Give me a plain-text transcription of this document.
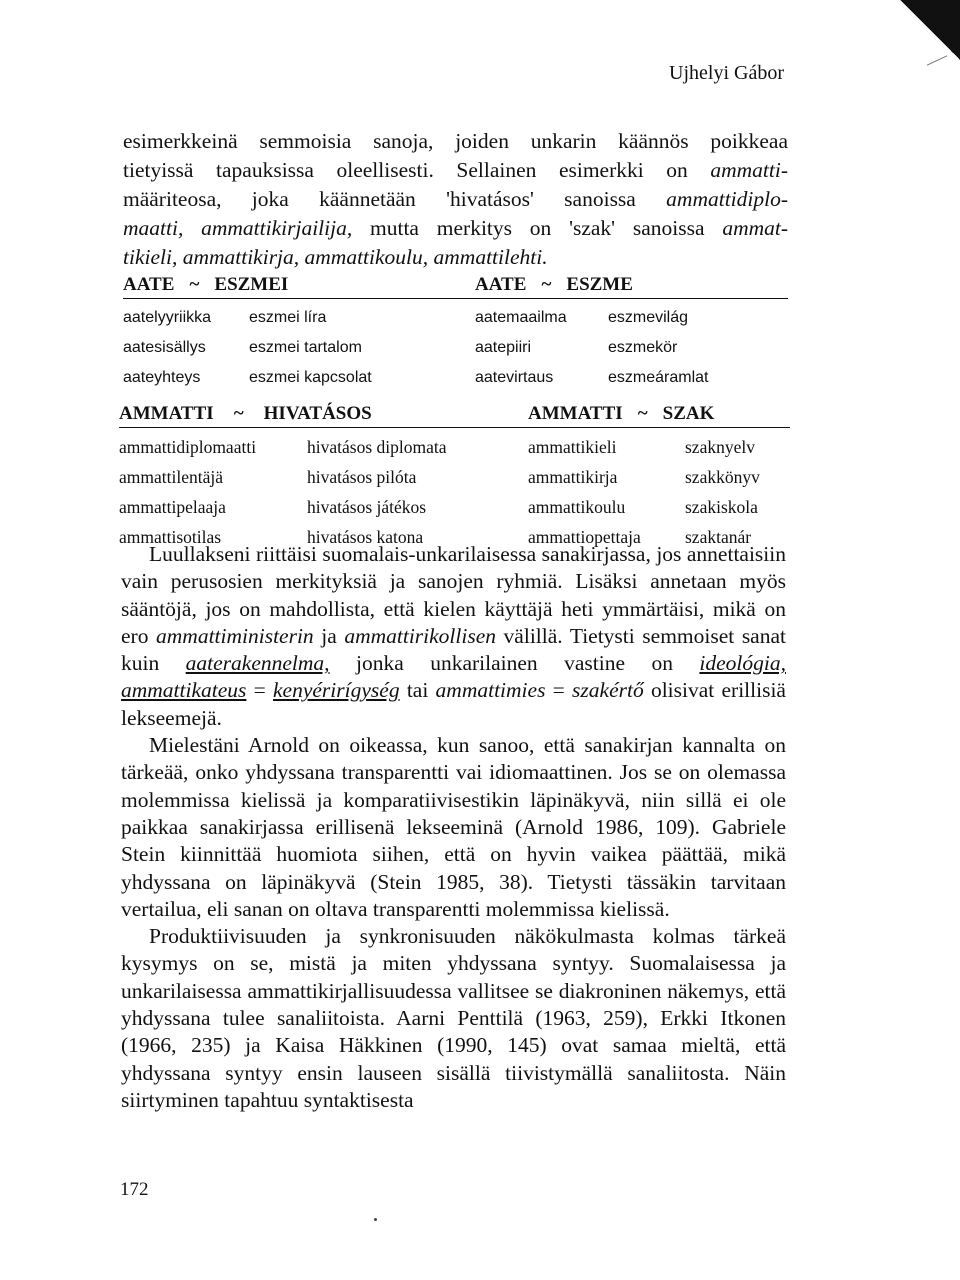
Ujhelyi Gábor

esimerkkeinä semmoisia sanoja, joiden unkarin käännös poikkeaa
tietyissä tapauksissa oleellisesti. Sellainen esimerkki on ammatti-
määriteosa, joka käännetään 'hivatásos' sanoissa ammattidiplo-
maatti, ammattikirjailija, mutta merkitys on 'szak' sanoissa ammat-
tikieli, ammattikirja, ammattikoulu, ammattilehti.

AATE ~ ESZMEI		AATE ~ ESZME	
aatelyyriikka	eszmei líra	aatemaailma	eszmevilág
aatesisällys	eszmei tartalom	aatepiiri	eszmekör
aateyhteys	eszmei kapcsolat	aatevirtaus	eszmeáramlat
AMMATTI ~ HIVATÁSOS		AMMATTI ~ SZAK	
ammattidiplomaatti	hivatásos diplomata	ammattikieli	szaknyelv
ammattilentäjä	hivatásos pilóta	ammattikirja	szakkönyv
ammattipelaaja	hivatásos játékos	ammattikoulu	szakiskola
ammattisotilas	hivatásos katona	ammattiopettaja	szaktanár

Luullakseni riittäisi suomalais-unkarilaisessa sanakirjassa, jos annettaisiin vain perusosien merkityksiä ja sanojen ryhmiä. Lisäksi annetaan myös sääntöjä, jos on mahdollista, että kielen käyttäjä heti ymmärtäisi, mikä on ero ammattiministerin ja ammattirikollisen välillä. Tietysti semmoiset sanat kuin aaterakennelma, jonka unkarilainen vastine on ideológia, ammattikateus = kenyérirígység tai ammattimies = szakértő olisivat erillisiä lekseemejä.

Mielestäni Arnold on oikeassa, kun sanoo, että sanakirjan kannalta on tärkeää, onko yhdyssana transparentti vai idiomaattinen. Jos se on olemassa molemmissa kielissä ja komparatiivisestikin läpinäkyvä, niin sillä ei ole paikkaa sanakirjassa erillisenä lekseeminä (Arnold 1986, 109). Gabriele Stein kiinnittää huomiota siihen, että on hyvin vaikea päättää, mikä yhdyssana on läpinäkyvä (Stein 1985, 38). Tietysti tässäkin tarvitaan vertailua, eli sanan on oltava transparentti molemmissa kielissä.

Produktiivisuuden ja synkronisuuden näkökulmasta kolmas tärkeä kysymys on se, mistä ja miten yhdyssana syntyy. Suomalaisessa ja unkarilaisessa ammattikirjallisuudessa vallitsee se diakroninen näkemys, että yhdyssana tulee sanaliitoista. Aarni Penttilä (1963, 259), Erkki Itkonen (1966, 235) ja Kaisa Häkkinen (1990, 145) ovat samaa mieltä, että yhdyssana syntyy ensin lauseen sisällä tiivistymällä sanaliitosta. Näin siirtyminen tapahtuu syntaktisesta

172
